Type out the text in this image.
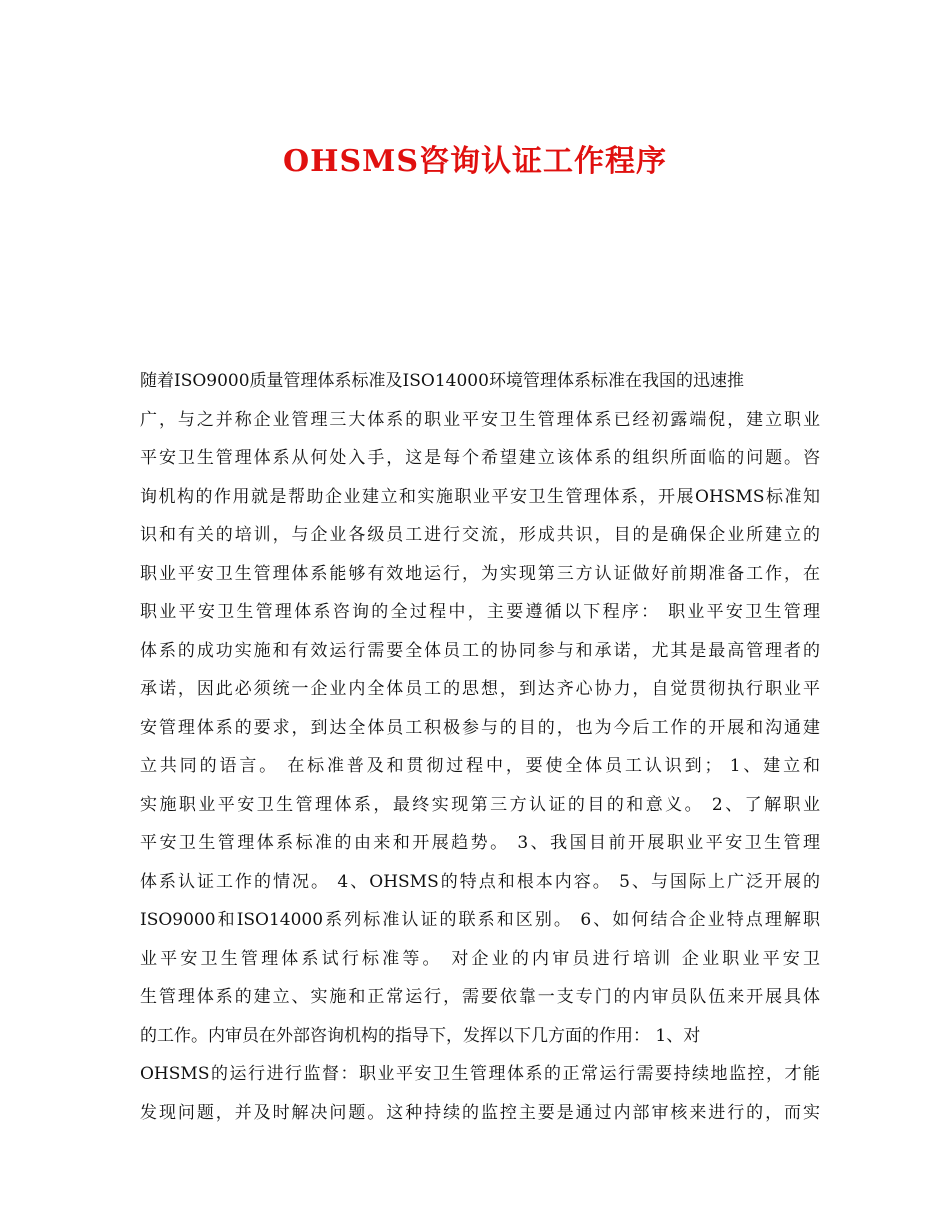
OHSMS咨询认证工作程序
随着ISO9000质量管理体系标准及ISO14000环境管理体系标准在我国的迅速推
广，与之并称企业管理三大体系的职业平安卫生管理体系已经初露端倪，建立职业
平安卫生管理体系从何处入手，这是每个希望建立该体系的组织所面临的问题。咨
询机构的作用就是帮助企业建立和实施职业平安卫生管理体系，开展OHSMS标准知
识和有关的培训，与企业各级员工进行交流，形成共识，目的是确保企业所建立的
职业平安卫生管理体系能够有效地运行，为实现第三方认证做好前期准备工作，在
职业平安卫生管理体系咨询的全过程中，主要遵循以下程序： 职业平安卫生管理
体系的成功实施和有效运行需要全体员工的协同参与和承诺，尤其是最高管理者的
承诺，因此必须统一企业内全体员工的思想，到达齐心协力，自觉贯彻执行职业平
安管理体系的要求，到达全体员工积极参与的目的，也为今后工作的开展和沟通建
立共同的语言。 在标准普及和贯彻过程中，要使全体员工认识到； 1、建立和
实施职业平安卫生管理体系，最终实现第三方认证的目的和意义。 2、了解职业
平安卫生管理体系标准的由来和开展趋势。 3、我国目前开展职业平安卫生管理
体系认证工作的情况。 4、OHSMS的特点和根本内容。 5、与国际上广泛开展的
ISO9000和ISO14000系列标准认证的联系和区别。 6、如何结合企业特点理解职
业平安卫生管理体系试行标准等。 对企业的内审员进行培训 企业职业平安卫
生管理体系的建立、实施和正常运行，需要依靠一支专门的内审员队伍来开展具体
的工作。内审员在外部咨询机构的指导下，发挥以下几方面的作用： 1、对
OHSMS的运行进行监督：职业平安卫生管理体系的正常运行需要持续地监控，才能
发现问题，并及时解决问题。这种持续的监控主要是通过内部审核来进行的，而实
